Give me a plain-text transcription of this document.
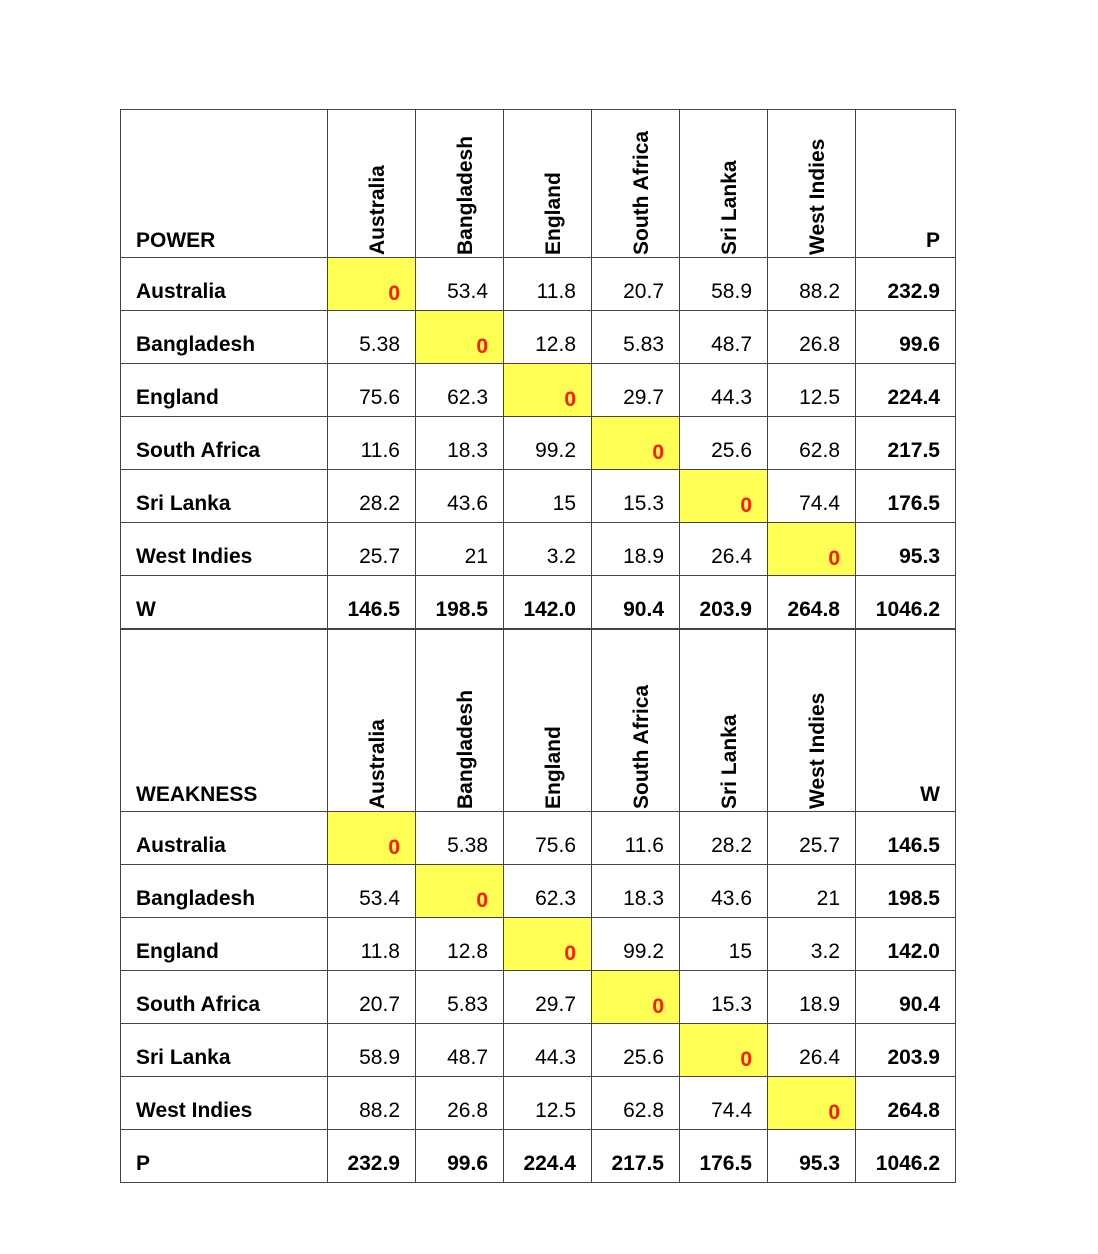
POWER	Australia	Bangladesh	England	South Africa	Sri Lanka	West Indies	P
Australia	0	53.4	11.8	20.7	58.9	88.2	232.9
Bangladesh	5.38	0	12.8	5.83	48.7	26.8	99.6
England	75.6	62.3	0	29.7	44.3	12.5	224.4
South Africa	11.6	18.3	99.2	0	25.6	62.8	217.5
Sri Lanka	28.2	43.6	15	15.3	0	74.4	176.5
West Indies	25.7	21	3.2	18.9	26.4	0	95.3
W	146.5	198.5	142.0	90.4	203.9	264.8	1046.2
WEAKNESS	Australia	Bangladesh	England	South Africa	Sri Lanka	West Indies	W
Australia	0	5.38	75.6	11.6	28.2	25.7	146.5
Bangladesh	53.4	0	62.3	18.3	43.6	21	198.5
England	11.8	12.8	0	99.2	15	3.2	142.0
South Africa	20.7	5.83	29.7	0	15.3	18.9	90.4
Sri Lanka	58.9	48.7	44.3	25.6	0	26.4	203.9
West Indies	88.2	26.8	12.5	62.8	74.4	0	264.8
P	232.9	99.6	224.4	217.5	176.5	95.3	1046.2
